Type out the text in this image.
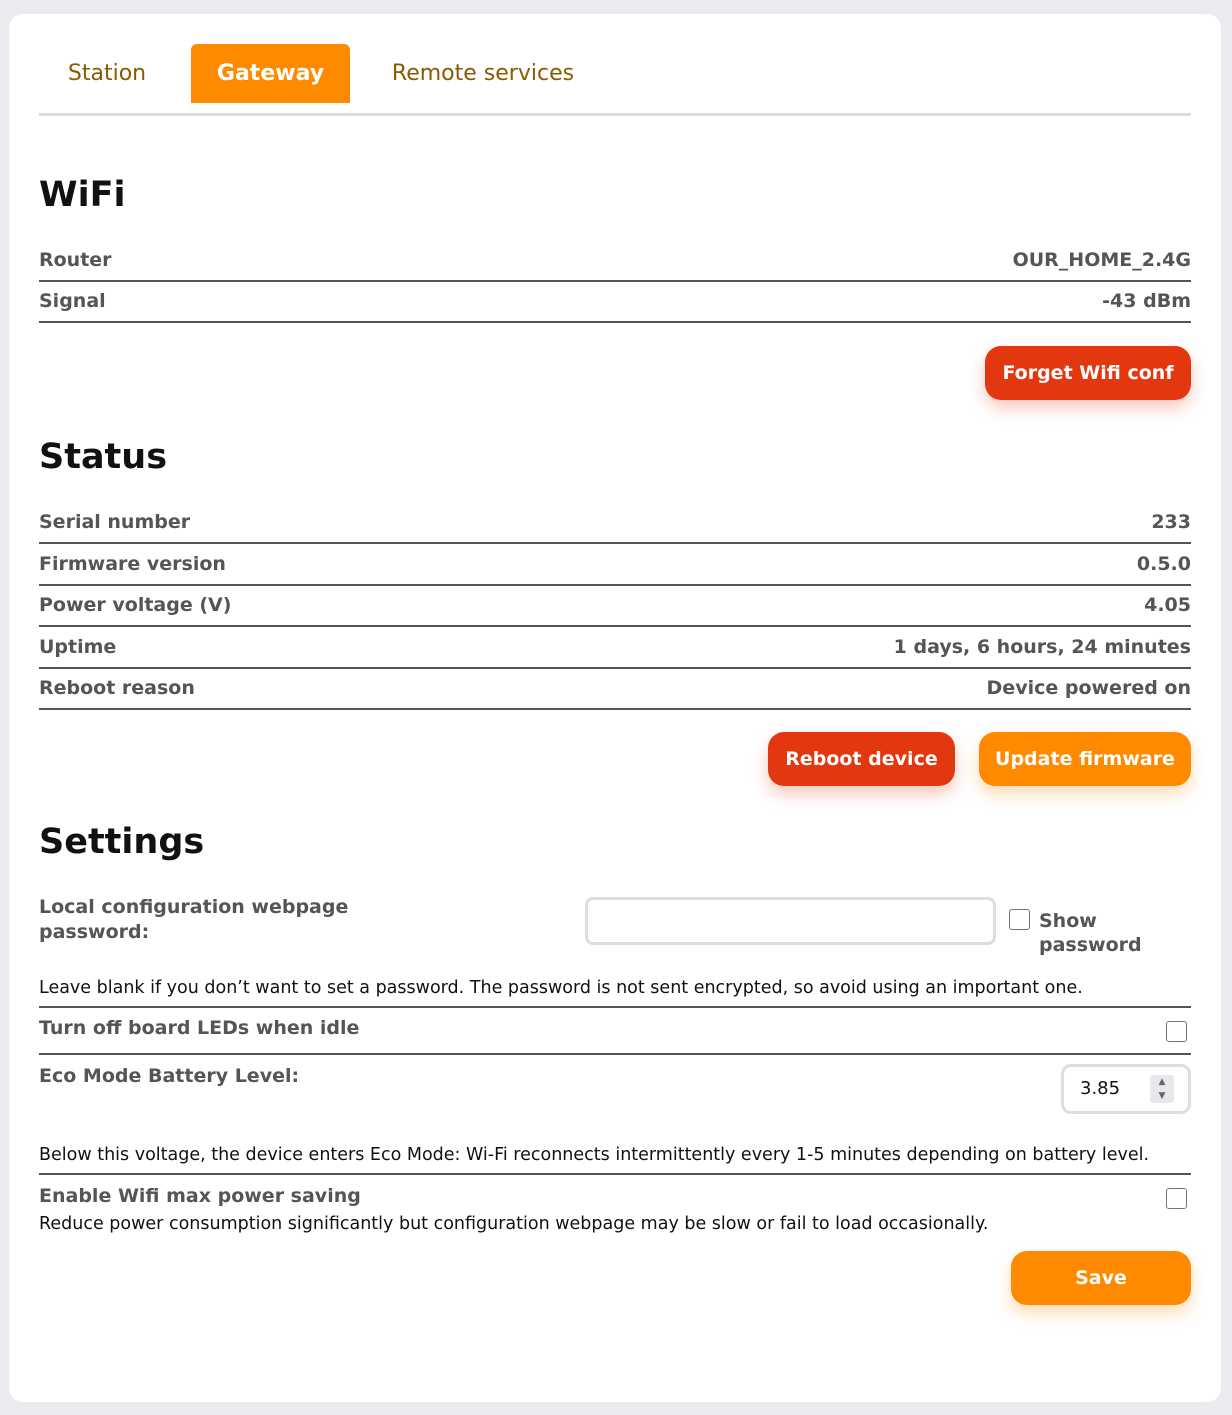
Station	Gateway	Remote services
WiFi
Router	OUR_HOME_2.4G
Signal	-43 dBm
Forget Wifi conf
Status
Serial number	233
Firmware version	0.5.0
Power voltage (V)	4.05
Uptime	1 days, 6 hours, 24 minutes
Reboot reason	Device powered on
Reboot device	Update firmware
Settings
Local configuration webpage password:	Show password
Leave blank if you don’t want to set a password. The password is not sent encrypted, so avoid using an important one.
Turn off board LEDs when idle
Eco Mode Battery Level:
3.85	▲
▼
Below this voltage, the device enters Eco Mode: Wi-Fi reconnects intermittently every 1-5 minutes depending on battery level.
Enable Wifi max power saving
Reduce power consumption significantly but configuration webpage may be slow or fail to load occasionally.
Save
